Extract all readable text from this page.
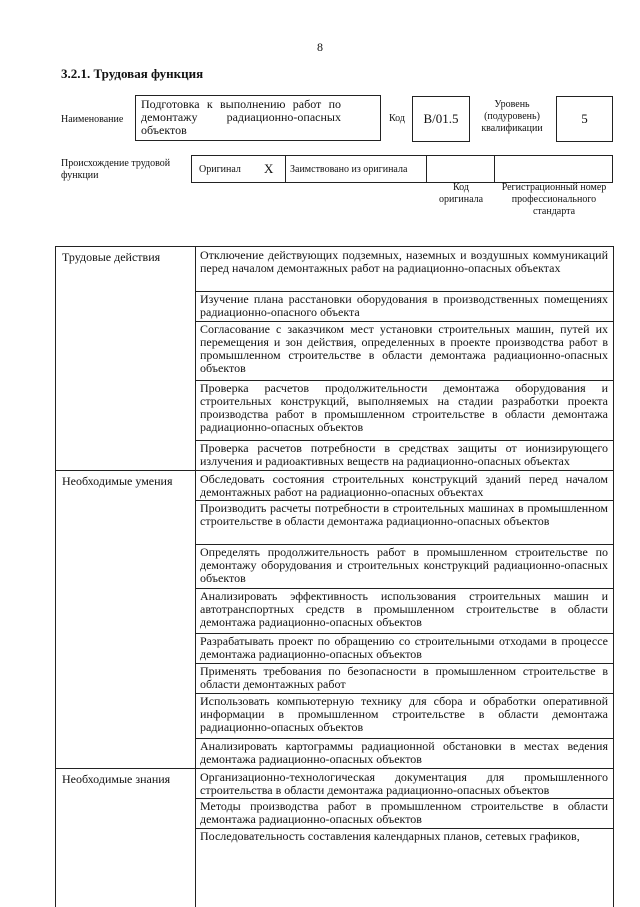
8
3.2.1. Трудовая функция
Наименование
Подготовка к выполнению работ по демонтажу радиационно-опасных объектов
Код	B/01.5
Уровень (подуровень) квалификации
5
Происхождение трудовой функции
Оригинал X Заимствовано из оригинала
Код оригинала
Регистрационный номер профессионального стандарта
Трудовые действия	Отключение действующих подземных, наземных и воздушных коммуникаций перед началом демонтажных работ на радиационно-опасных объектах
Изучение плана расстановки оборудования в производственных помещениях радиационно-опасного объекта
Согласование с заказчиком мест установки строительных машин, путей их перемещения и зон действия, определенных в проекте производства работ в промышленном строительстве в области демонтажа радиационно-опасных объектов
Проверка расчетов продолжительности демонтажа оборудования и строительных конструкций, выполняемых на стадии разработки проекта производства работ в промышленном строительстве в области демонтажа радиационно-опасных объектов
Проверка расчетов потребности в средствах защиты от ионизирующего излучения и радиоактивных веществ на радиационно-опасных объектах
Необходимые умения Обследовать состояния строительных конструкций зданий перед началом демонтажных работ на радиационно-опасных объектах
Производить расчеты потребности в строительных машинах в промышленном строительстве в области демонтажа радиационно-опасных объектов
Определять продолжительность работ в промышленном строительстве по демонтажу оборудования и строительных конструкций радиационно-опасных объектов
Анализировать эффективность использования строительных машин и автотранспортных средств в промышленном строительстве в области демонтажа радиационно-опасных объектов
Разрабатывать проект по обращению со строительными отходами в процессе демонтажа радиационно-опасных объектов
Применять требования по безопасности в промышленном строительстве в области демонтажных работ
Использовать компьютерную технику для сбора и обработки оперативной информации в промышленном строительстве в области демонтажа радиационно-опасных объектов
Анализировать картограммы радиационной обстановки в местах ведения демонтажа радиационно-опасных объектов
Необходимые знания Организационно-технологическая документация для промышленного строительства в области демонтажа радиационно-опасных объектов
Методы производства работ в промышленном строительстве в области демонтажа радиационно-опасных объектов
Последовательность составления календарных планов, сетевых графиков,
